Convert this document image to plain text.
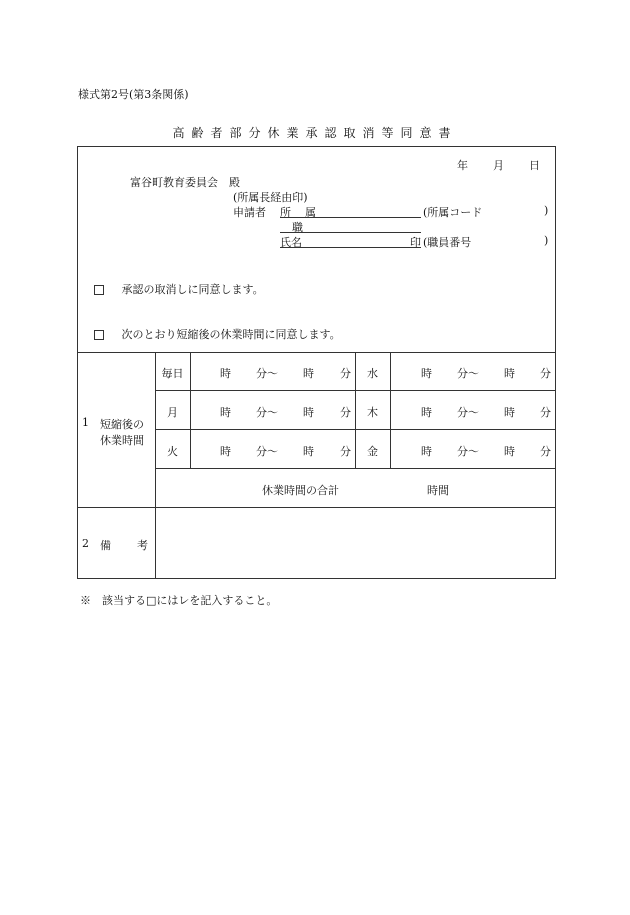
様式第2号(第3条関係)
高齢者部分休業承認取消等同意書
年 月 日
富谷町教育委員会　殿
(所属長経由印)
申請者 所 属	(所属コード	)
職
氏名	印 (職員番号	)
承認の取消しに同意します。
次のとおり短縮後の休業時間に同意します。
1 短縮後の
休業時間
毎日	時 分〜 時 分	水	時 分〜 時 分
月	時 分〜 時 分	木	時 分〜 時 分
火	時 分〜 時 分	金	時 分〜 時 分
休業時間の合計	時間
2 備 考
※　該当する□にはレを記入すること。
